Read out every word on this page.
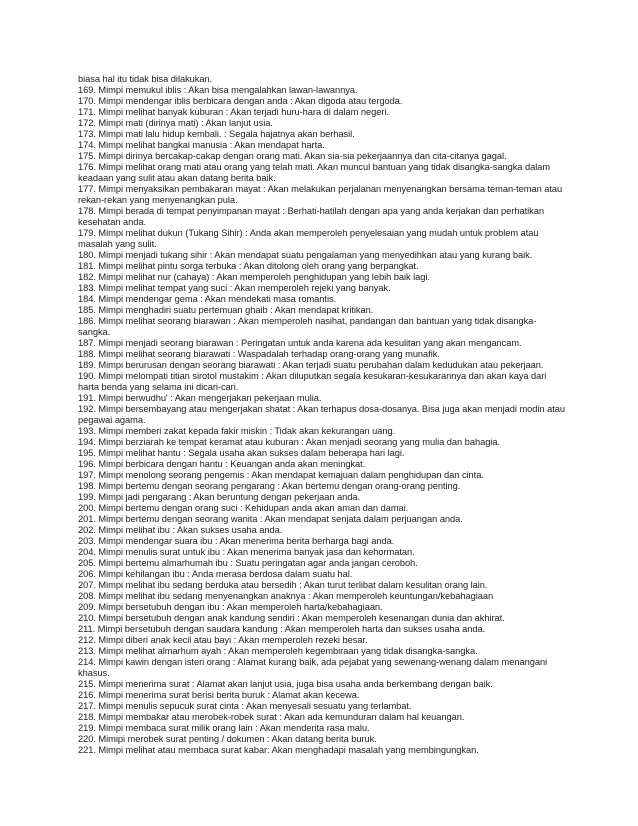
biasa hal itu tidak bisa dilakukan.

169. Mimpi memukul iblis : Akan bisa mengalahkan lawan-lawannya.

170. Mimpi mendengar iblis berbicara dengan anda : Akan digoda atau tergoda.

171. Mimpi melihat banyak kuburan : Akan terjadi huru-hara di dalam negeri.

172. Mimpi mati (dirinya mati) : Akan lanjut usia.

173. Mimpi mati lalu hidup kembali. : Segala hajatnya akan berhasil.

174. Mimpi melihat bangkai manusia : Akan mendapat harta.

175. Mimpi dirinya bercakap-cakap dengan orang mati. Akan sia-sia pekerjaannya dan cita-citanya gagal.

176. Mimpi melihat orang mati atau orang yang telah mati. Akan muncul bantuan yang tidak disangka-sangka dalam keadaan yang sulit atau akan datang berita baik.

177. Mimpi menyaksikan pembakaran mayat : Akan melakukan perjalanan menyenangkan bersama teman-teman atau rekan-rekan yang menyenangkan pula.

178. Mimpi berada di tempat penyimpanan mayat : Berhati-hatilah dengan apa yang anda kerjakan dan perhatikan kesehatan anda.

179. Mimpi melihat dukun (Tukang Sihir) : Anda akan memperoleh penyelesaian yang mudah untuk problem atau masalah yang sulit.

180. Mimpi menjadi tukang sihir : Akan mendapat suatu pengalaman yang menyedihkan atau yang kurang baik.

181. Mimpi melihat pintu sorga terbuka : Akan ditolong oleh orang yang berpangkat.

182. Mimpi melihat nur (cahaya) : Akan memperoleh penghidupan yang lebih baik lagi.

183. Mimpi melihat tempat yang suci : Akan memperoleh rejeki yang banyak.

184. Mimpi mendengar gema : Akan mendekati masa romantis.

185. Mimpi menghadiri suatu pertemuan ghaib : Akan mendapat kritikan.

186. Mimpi melihat seorang biarawan : Akan memperoleh nasihat, pandangan dan bantuan yang tidak disangka-sangka.

187. Mimpi menjadi seorang biarawan : Peringatan untuk anda karena ada kesulitan yang akan mengancam.

188. Mimpi melihat seorang biarawati : Waspadalah terhadap orang-orang yang munafik.

189. Mimpi berurusan dengan seorang biarawati : Akan terjadi suatu perubahan dalam kedudukan atau pekerjaan.

190. Mimpi melompati titian sirotol mustakim : Akan diluputkan segala kesukaran-kesukarannya dan akan kaya dari harta benda yang selama ini dicari-cari.

191. Mimpi berwudhu' : Akan mengerjakan pekerjaan mulia.

192. Mimpi bersembayang atau mengerjakan shatat : Akan terhapus dosa-dosanya. Bisa juga akan menjadi modin atau pegawai agama.

193. Mimpi memberi zakat kepada fakir miskin : Tidak akan kekurangan uang.

194. Mimpi berziarah ke tempat keramat atau kuburan : Akan menjadi seorang yang mulia dan bahagia.

195. Mimpi melihat hantu : Segala usaha akan sukses dalam beberapa hari lagi.

196. Mimpi berbicara dengan hantu : Keuangan anda akan meningkat.

197. Mimpi menolong seorang pengemis : Akan mendapat kemajuan dalam penghidupan dan cinta.

198. Mimpi bertemu dengan seorang pengarang : Akan bertemu dengan orang-orang penting.

199. Mimpi jadi pengarang : Akan beruntung dengan pekerjaan anda.

200. Mimpi bertemu dengan orang suci : Kehidupan anda akan aman dan damai.

201. Mimpi bertemu dengan seorang wanita : Akan mendapat senjata dalam perjuangan anda.

202. Mimpi melihat ibu : Akan sukses usaha anda.

203. Mimpi mendengar suara ibu : Akan menerima berita berharga bagi anda.

204. Mimpi menulis surat untuk ibu : Akan menerima banyak jasa dan kehormatan.

205. Mimpi bertemu almarhumah ibu : Suatu peringatan agar anda jangan ceroboh.

206. Mimpi kehilangan ibu : Anda merasa berdosa dalam suatu hal.

207. Mimpi melihat ibu sedang berduka atau bersedih : Akan turut terlibat dalam kesulitan orang lain.

208. Mimpi melihat ibu sedang menyenangkan anaknya : Akan memperoleh keuntungan/kebahagiaan

209. Mimpi bersetubuh dengan ibu : Akan memperoleh harta/kebahagiaan.

210. Mimpi bersetubuh dengan anak kandung sendiri : Akan memperoleh kesenangan dunia dan akhirat.

211. Mimpi bersetubuh dengan saudara kandung : Akan memperoleh harta dan sukses usaha anda.

212. Mimpi diberi anak kecil atau bayi : Akan memperoleh rezeki besar.

213. Mimpi melihat almarhum ayah : Akan memperoleh kegembiraan yang tidak disangka-sangka.

214. Mimpi kawin dengan isteri orang : Alamat kurang baik, ada pejabat yang sewenang-wenang dalam menangani khasus.

215. Mimpi menerima surat : Alamat akan lanjut usia, juga bisa usaha anda berkembang dengan baik.

216. Mimpi menerima surat berisi berita buruk : Alamat akan kecewa.

217. Mimpi menulis sepucuk surat cinta : Akan menyesali sesuatu yang terlambat.

218. Mimpi membakar atau merobek-robek surat : Akan ada kemunduran dalam hal keuangan.

219. Mimpi membaca surat milik orang lain : Akan menderita rasa malu.

220. Mimipi merobek surat penting / dokumen : Akan datang berita buruk.

221. Mimpi melihat atau membaca surat kabar: Akan menghadapi masalah yang membingungkan.
